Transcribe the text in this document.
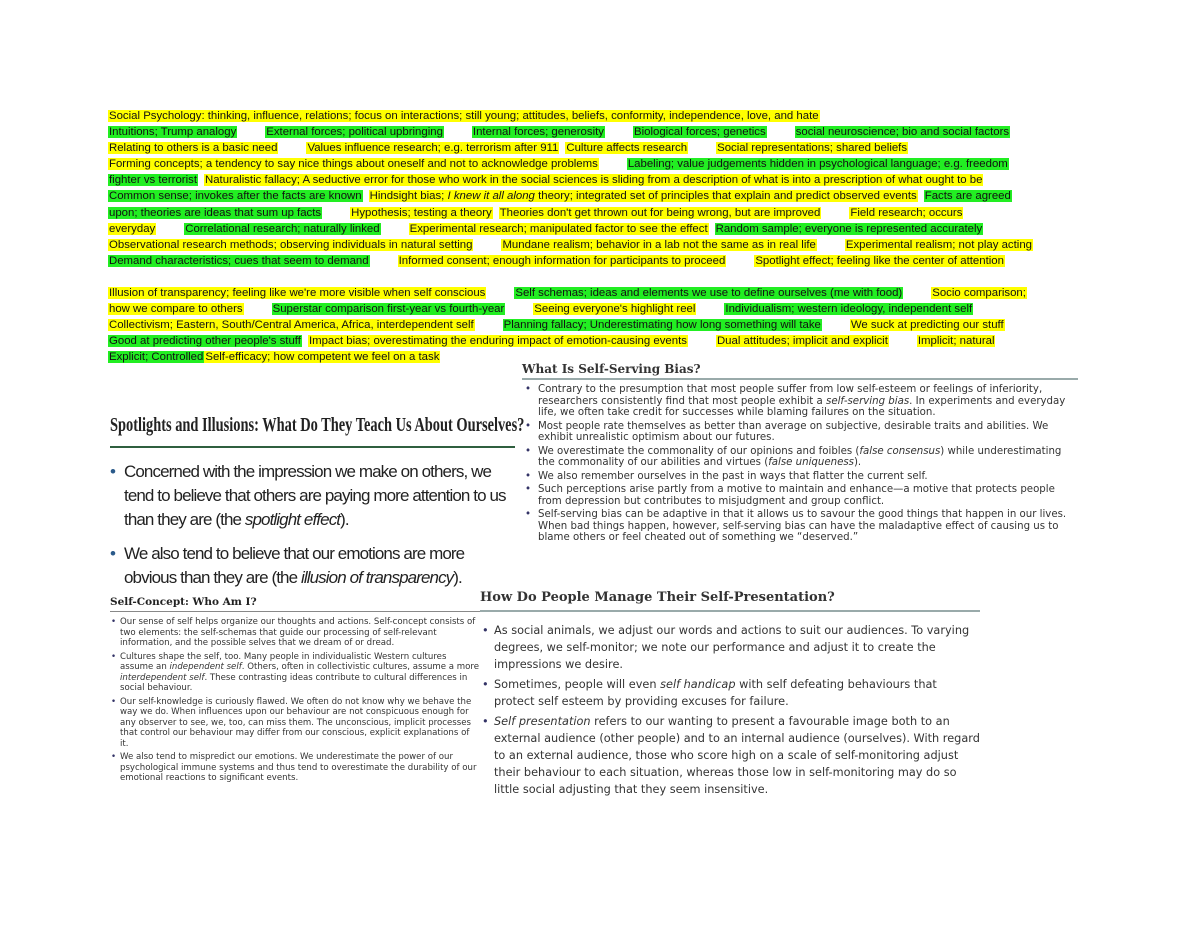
Social Psychology: thinking, influence, relations; focus on interactions; still young; attitudes, beliefs, conformity, independence, love, and hate
Intuitions; Trump analogy	External forces; political upbringing	Internal forces; generosity	Biological forces; genetics	social neuroscience; bio and social factors
Relating to others is a basic need	Values influence research; e.g. terrorism after 911 Culture affects research	Social representations; shared beliefs
Forming concepts; a tendency to say nice things about oneself and not to acknowledge problems	Labeling; value judgements hidden in psychological language; e.g. freedom
fighter vs terrorist Naturalistic fallacy; A seductive error for those who work in the social sciences is sliding from a description of what is into a prescription of what ought to be
Common sense; invokes after the facts are known Hindsight bias; I knew it all along theory; integrated set of principles that explain and predict observed events Facts are agreed
upon; theories are ideas that sum up facts	Hypothesis; testing a theory Theories don't get thrown out for being wrong, but are improved	Field research; occurs
everyday	Correlational research; naturally linked	Experimental research; manipulated factor to see the effect Random sample; everyone is represented accurately
Observational research methods; observing individuals in natural setting	Mundane realism; behavior in a lab not the same as in real life	Experimental realism; not play acting
Demand characteristics; cues that seem to demand	Informed consent; enough information for participants to proceed	Spotlight effect; feeling like the center of attention
Illusion of transparency; feeling like we're more visible when self conscious	Self schemas; ideas and elements we use to define ourselves (me with food)	Socio comparison;
how we compare to others	Superstar comparison first-year vs fourth-year	Seeing everyone's highlight reel	Individualism; western ideology, independent self
Collectivism; Eastern, South/Central America, Africa, interdependent self	Planning fallacy; Underestimating how long something will take	We suck at predicting our stuff
Good at predicting other people's stuff Impact bias; overestimating the enduring impact of emotion-causing events	Dual attitudes; implicit and explicit	Implicit; natural
Explicit; Controlled Self-efficacy; how competent we feel on a task
What Is Self-Serving Bias?
• Contrary to the presumption that most people suffer from low self-esteem or feelings of inferiority, researchers consistently find that most people exhibit a self-serving bias. In experiments and everyday life, we often take credit for successes while blaming failures on the situation.
• Most people rate themselves as better than average on subjective, desirable traits and abilities. We exhibit unrealistic optimism about our futures.
• We overestimate the commonality of our opinions and foibles (false consensus) while underestimating the commonality of our abilities and virtues (false uniqueness).
• We also remember ourselves in the past in ways that flatter the current self.
• Such perceptions arise partly from a motive to maintain and enhance—a motive that protects people from depression but contributes to misjudgment and group conflict.
• Self-serving bias can be adaptive in that it allows us to savour the good things that happen in our lives. When bad things happen, however, self-serving bias can have the maladaptive effect of causing us to blame others or feel cheated out of something we “deserved.”
Spotlights and Illusions: What Do They Teach Us About Ourselves?
• Concerned with the impression we make on others, we tend to believe that others are paying more attention to us than they are (the spotlight effect).
• We also tend to believe that our emotions are more obvious than they are (the illusion of transparency).
Self-Concept: Who Am I?
• Our sense of self helps organize our thoughts and actions. Self-concept consists of two elements: the self-schemas that guide our processing of self-relevant information, and the possible selves that we dream of or dread.
• Cultures shape the self, too. Many people in individualistic Western cultures assume an independent self. Others, often in collectivistic cultures, assume a more interdependent self. These contrasting ideas contribute to cultural differences in social behaviour.
• Our self-knowledge is curiously flawed. We often do not know why we behave the way we do. When influences upon our behaviour are not conspicuous enough for any observer to see, we, too, can miss them. The unconscious, implicit processes that control our behaviour may differ from our conscious, explicit explanations of it.
• We also tend to mispredict our emotions. We underestimate the power of our psychological immune systems and thus tend to overestimate the durability of our emotional reactions to significant events.
How Do People Manage Their Self-Presentation?
• As social animals, we adjust our words and actions to suit our audiences. To varying degrees, we self-monitor; we note our performance and adjust it to create the impressions we desire.
• Sometimes, people will even self handicap with self defeating behaviours that protect self esteem by providing excuses for failure.
• Self presentation refers to our wanting to present a favourable image both to an external audience (other people) and to an internal audience (ourselves). With regard to an external audience, those who score high on a scale of self-monitoring adjust their behaviour to each situation, whereas those low in self-monitoring may do so little social adjusting that they seem insensitive.
